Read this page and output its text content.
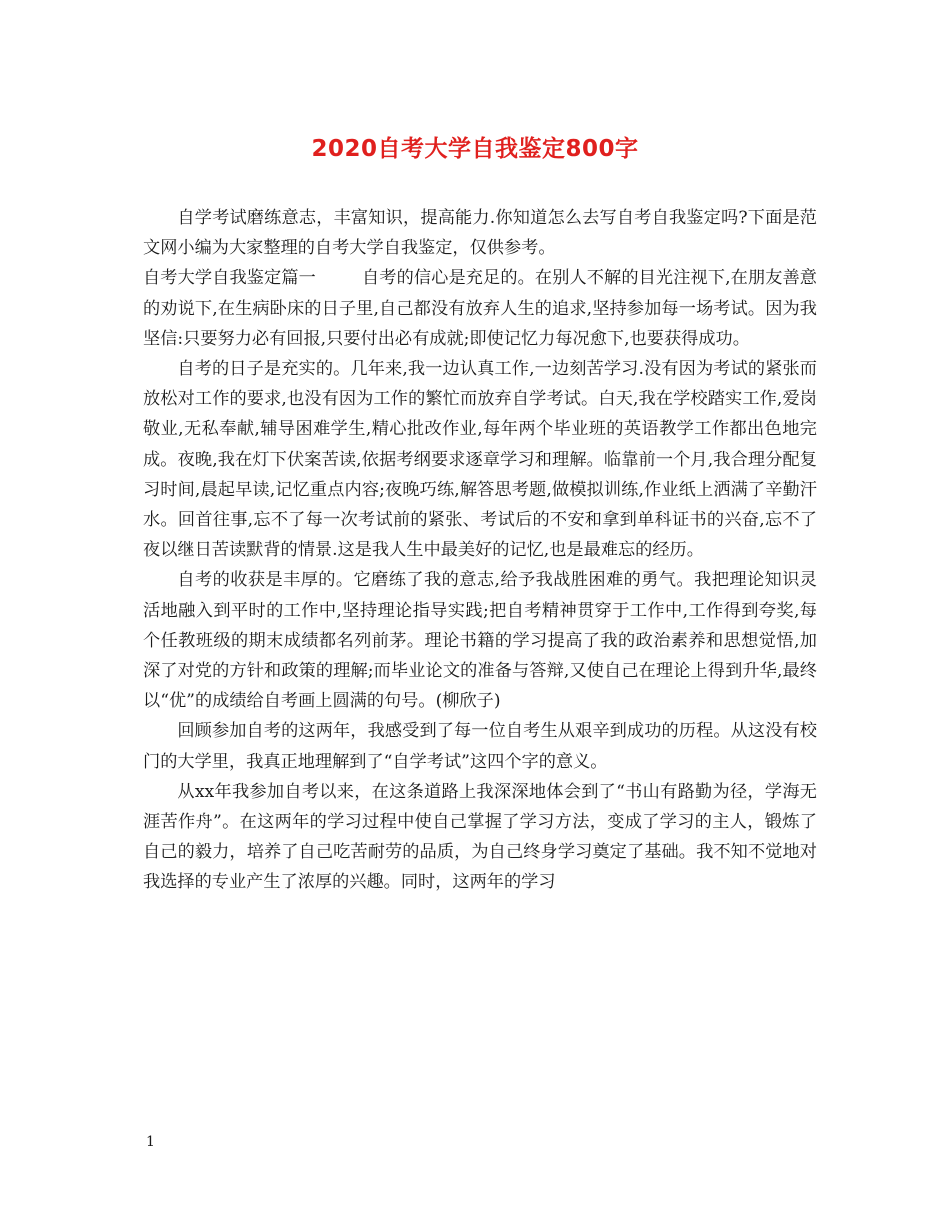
2020自考大学自我鉴定800字

自学考试磨练意志，丰富知识，提高能力.你知道怎么去写自考自我鉴定吗?下面是范文网小编为大家整理的自考大学自我鉴定，仅供参考。

自考大学自我鉴定篇一	自考的信心是充足的。在别人不解的目光注视下,在朋友善意的劝说下,在生病卧床的日子里,自己都没有放弃人生的追求,坚持参加每一场考试。因为我坚信:只要努力必有回报,只要付出必有成就;即使记忆力每况愈下,也要获得成功。

自考的日子是充实的。几年来,我一边认真工作,一边刻苦学习.没有因为考试的紧张而放松对工作的要求,也没有因为工作的繁忙而放弃自学考试。白天,我在学校踏实工作,爱岗敬业,无私奉献,辅导困难学生,精心批改作业,每年两个毕业班的英语教学工作都出色地完成。夜晚,我在灯下伏案苦读,依据考纲要求逐章学习和理解。临靠前一个月,我合理分配复习时间,晨起早读,记忆重点内容;夜晚巧练,解答思考题,做模拟训练,作业纸上洒满了辛勤汗水。回首往事,忘不了每一次考试前的紧张、考试后的不安和拿到单科证书的兴奋,忘不了夜以继日苦读默背的情景.这是我人生中最美好的记忆,也是最难忘的经历。

自考的收获是丰厚的。它磨练了我的意志,给予我战胜困难的勇气。我把理论知识灵活地融入到平时的工作中,坚持理论指导实践;把自考精神贯穿于工作中,工作得到夸奖,每个任教班级的期末成绩都名列前茅。理论书籍的学习提高了我的政治素养和思想觉悟,加深了对党的方针和政策的理解;而毕业论文的准备与答辩,又使自己在理论上得到升华,最终以“优”的成绩给自考画上圆满的句号。(柳欣子)

回顾参加自考的这两年，我感受到了每一位自考生从艰辛到成功的历程。从这没有校门的大学里，我真正地理解到了“自学考试”这四个字的意义。

从xx年我参加自考以来，在这条道路上我深深地体会到了“书山有路勤为径，学海无涯苦作舟”。在这两年的学习过程中使自己掌握了学习方法，变成了学习的主人，锻炼了自己的毅力，培养了自己吃苦耐劳的品质，为自己终身学习奠定了基础。我不知不觉地对我选择的专业产生了浓厚的兴趣。同时，这两年的学习

1
